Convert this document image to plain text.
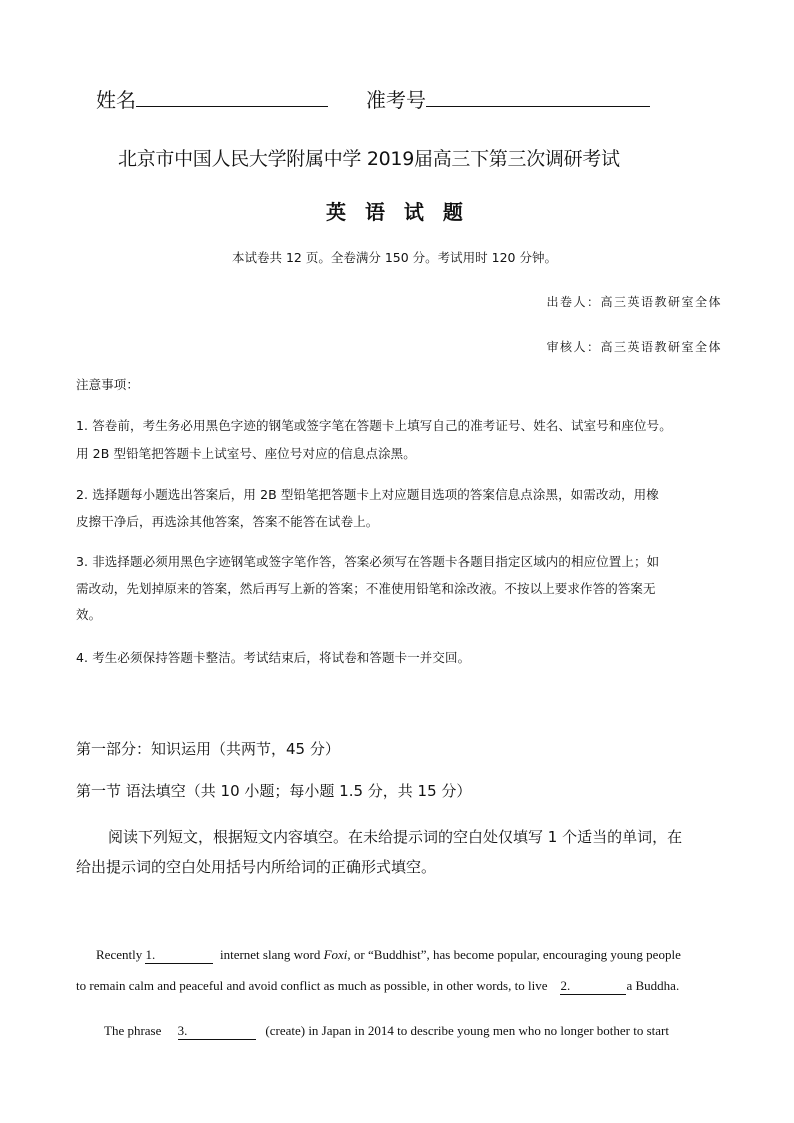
姓名	准考号
北京市中国人民大学附属中学 2019届高三下第三次调研考试
英 语 试 题
本试卷共 12 页。全卷满分 150 分。考试用时 120 分钟。
出卷人：高三英语教研室全体
审核人：高三英语教研室全体
注意事项：
1. 答卷前，考生务必用黑色字迹的钢笔或签字笔在答题卡上填写自己的准考证号、姓名、试室号和座位号。
用 2B 型铅笔把答题卡上试室号、座位号对应的信息点涂黑。
2. 选择题每小题选出答案后，用 2B 型铅笔把答题卡上对应题目选项的答案信息点涂黑，如需改动，用橡
皮擦干净后，再选涂其他答案，答案不能答在试卷上。
3. 非选择题必须用黑色字迹钢笔或签字笔作答，答案必须写在答题卡各题目指定区域内的相应位置上；如
需改动，先划掉原来的答案，然后再写上新的答案；不准使用铅笔和涂改液。不按以上要求作答的答案无
效。
4. 考生必须保持答题卡整洁。考试结束后，将试卷和答题卡一并交回。
第一部分：知识运用（共两节，45 分）
第一节 语法填空（共 10 小题；每小题 1.5 分，共 15 分）
阅读下列短文，根据短文内容填空。在未给提示词的空白处仅填写 1 个适当的单词，在
给出提示词的空白处用括号内所给词的正确形式填空。
Recently 1.	internet slang word Foxi, or “Buddhist”, has become popular, encouraging young people
to remain calm and peaceful and avoid conflict as much as possible, in other words, to live 2.	a Buddha.
The phrase 3.	(create) in Japan in 2014 to describe young men who no longer bother to start
